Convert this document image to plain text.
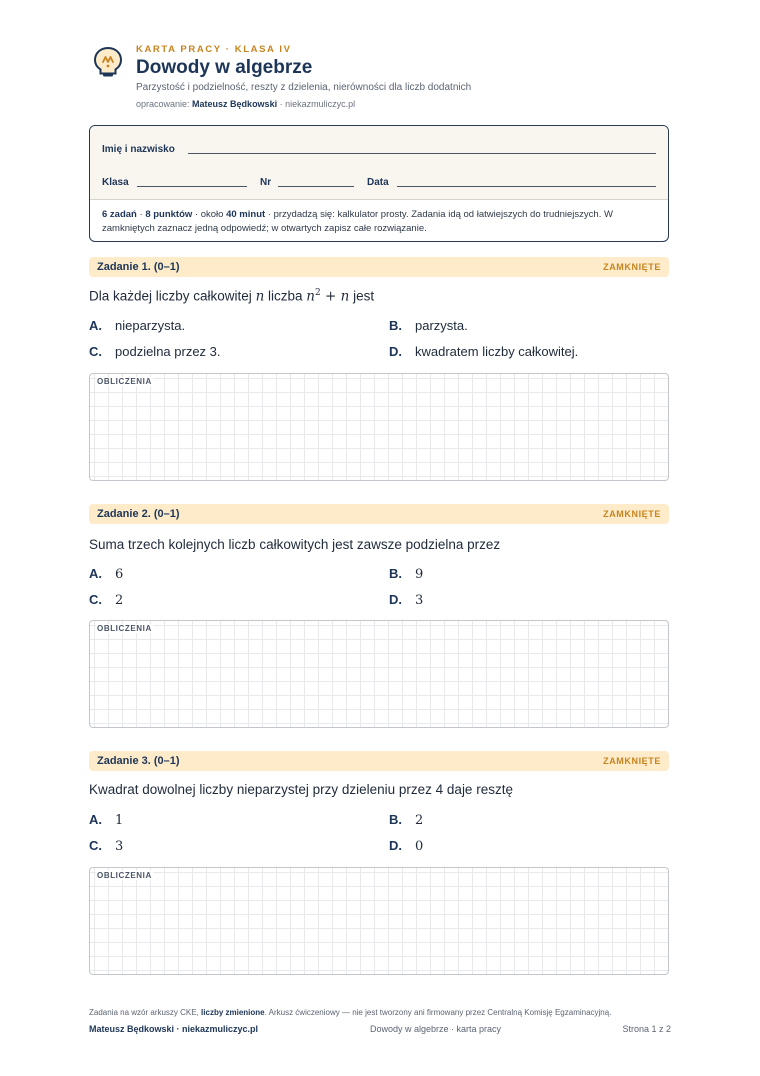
KARTA PRACY · KLASA IV
Dowody w algebrze
Parzystość i podzielność, reszty z dzielenia, nierówności dla liczb dodatnich
opracowanie: Mateusz Będkowski · niekazmuliczyc.pl
Imię i nazwisko
Klasa	Nr	Data
6 zadań · 8 punktów · około 40 minut · przydadzą się: kalkulator prosty. Zadania idą od łatwiejszych do trudniejszych. W zamkniętych zaznacz jedną odpowiedź; w otwartych zapisz całe rozwiązanie.
Zadanie 1. (0–1)	ZAMKNIĘTE
Dla każdej liczby całkowitej n liczba $n^2 + n$ jest
A. nieparzysta.	B. parzysta.
C. podzielna przez 3.	D. kwadratem liczby całkowitej.
OBLICZENIA
Zadanie 2. (0–1)	ZAMKNIĘTE
Suma trzech kolejnych liczb całkowitych jest zawsze podzielna przez
A. 6	B. 9
C. 2	D. 3
OBLICZENIA
Zadanie 3. (0–1)	ZAMKNIĘTE
Kwadrat dowolnej liczby nieparzystej przy dzieleniu przez 4 daje resztę
A. 1	B. 2
C. 3	D. 0
OBLICZENIA
Zadania na wzór arkuszy CKE, liczby zmienione. Arkusz ćwiczeniowy — nie jest tworzony ani firmowany przez Centralną Komisję Egzaminacyjną.
Mateusz Będkowski · niekazmuliczyc.pl	Dowody w algebrze · karta pracy	Strona 1 z 2
